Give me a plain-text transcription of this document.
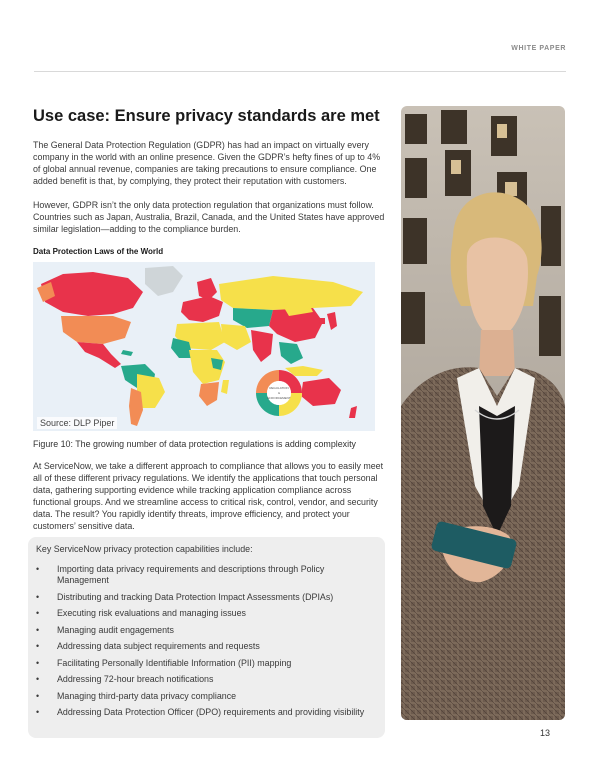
WHITE PAPER
Use case: Ensure privacy standards are met

The General Data Protection Regulation (GDPR) has had an impact on virtually every company in the world with an online presence. Given the GDPR’s hefty fines of up to 4% of global annual revenue, companies are taking precautions to ensure compliance. One added benefit is that, by complying, they protect their reputation with customers.

However, GDPR isn’t the only data protection regulation that organizations must follow. Countries such as Japan, Australia, Brazil, Canada, and the United States have approved similar legislation—adding to the compliance burden.

Data Protection Laws of the World
REGULATION
&
ENFORCEMENT
Source: DLP Piper
Figure 10: The growing number of data protection regulations is adding complexity

At ServiceNow, we take a different approach to compliance that allows you to easily meet all of these different privacy regulations. We identify the applications that touch personal data, gathering supporting evidence while tracking application compliance across functional groups. And we streamline access to critical risk, control, vendor, and security data. The result? You rapidly identify threats, improve efficiency, and protect your customers’ sensitive data.

Key ServiceNow privacy protection capabilities include:
• Importing data privacy requirements and descriptions through Policy Management
• Distributing and tracking Data Protection Impact Assessments (DPIAs)
• Executing risk evaluations and managing issues
• Managing audit engagements
• Addressing data subject requirements and requests
• Facilitating Personally Identifiable Information (PII) mapping
• Addressing 72-hour breach notifications
• Managing third-party data privacy compliance
• Addressing Data Protection Officer (DPO) requirements and providing visibility
13
